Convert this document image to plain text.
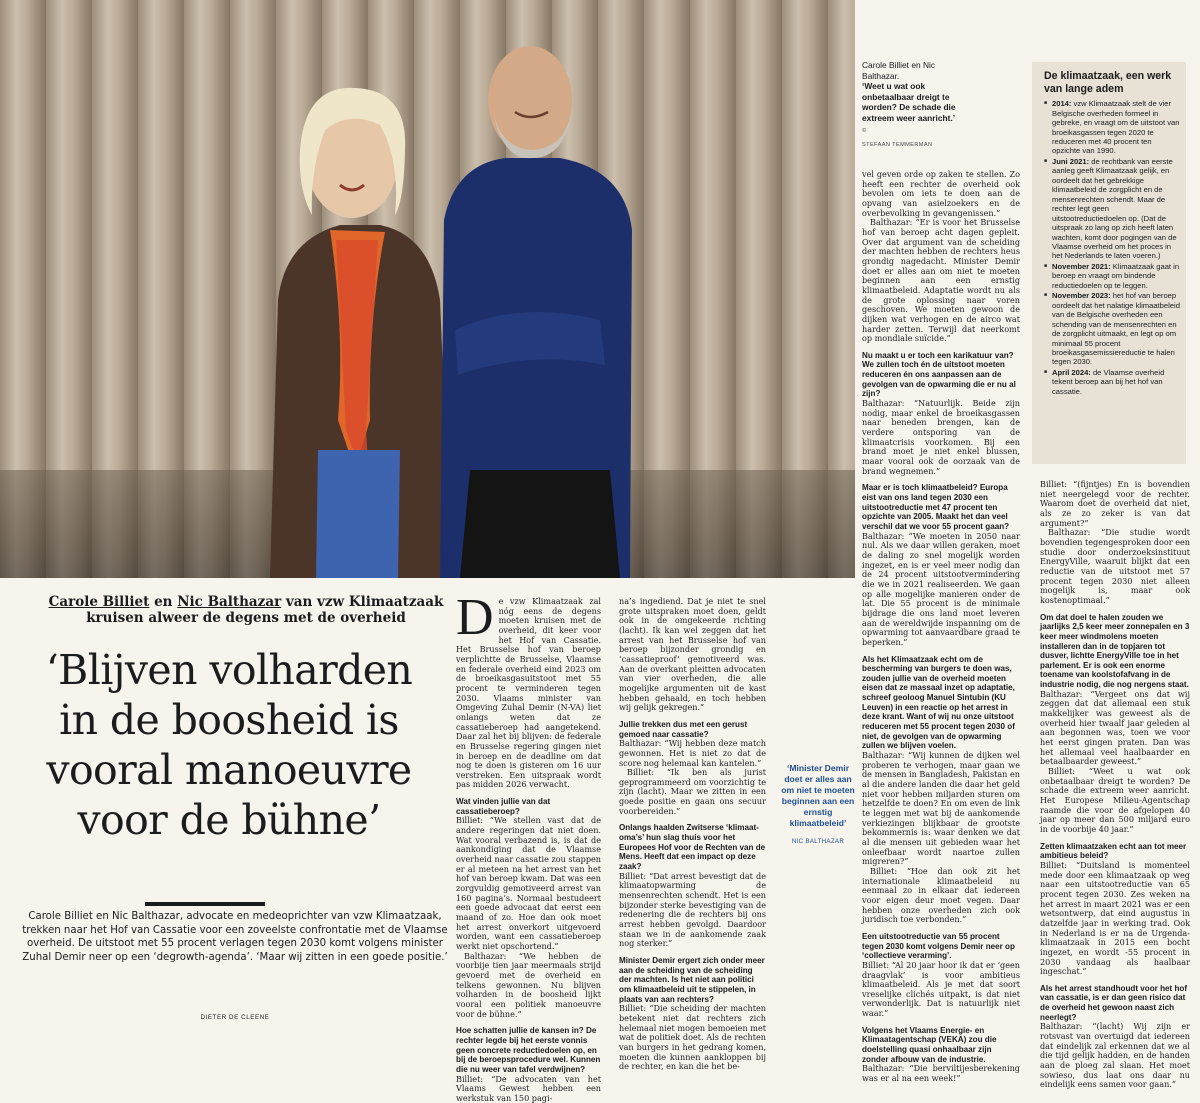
Carole Billiet en Nic Balthazar.
‘Weet u wat ook onbetaalbaar dreigt te worden? De schade die extreem weer aanricht.’
©
STEFAAN TEMMERMAN
De klimaatzaak, een werk van lange adem
■ 2014: vzw Klimaatzaak stelt de vier Belgische overheden formeel in gebreke, en vraagt om de uitstoot van broeikasgassen tegen 2020 te reduceren met 40 procent ten opzichte van 1990.
■ Juni 2021: de rechtbank van eerste aanleg geeft Klimaatzaak gelijk, en oordeelt dat het gebrekkige klimaatbeleid de zorgplicht en de mensenrechten schendt. Maar de rechter legt geen uitstootreductiedoelen op. (Dat de uitspraak zo lang op zich heeft laten wachten, komt door pogingen van de Vlaamse overheid om het proces in het Nederlands te laten voeren.)
■ November 2021: Klimaatzaak gaat in beroep en vraagt om bindende reductiedoelen op te leggen.
■ November 2023: het hof van beroep oordeelt dat het nalatige klimaatbeleid van de Belgische overheden een schending van de mensenrechten en de zorgplicht uitmaakt, en legt op om minimaal 55 procent broeikasgasemissiereductie te halen tegen 2030.
■ April 2024: de Vlaamse overheid tekent beroep aan bij het hof van cassatie.
Carole Billiet en Nic Balthazar van vzw Klimaatzaak kruisen alweer de degens met de overheid
‘Blijven volharden in de boosheid is vooral manoeuvre voor de bühne’
Carole Billiet en Nic Balthazar, advocate en medeoprichter van vzw Klimaatzaak, trekken naar het Hof van Cassatie voor een zoveelste confrontatie met de Vlaamse overheid. De uitstoot met 55 procent verlagen tegen 2030 komt volgens minister Zuhal Demir neer op een ‘degrowth-agenda’. ‘Maar wij zitten in een goede positie.’
DIETER DE CLEENE

De vzw Klimaatzaak zal nóg eens de degens moeten kruisen met de overheid, dit keer voor het Hof van Cassatie. Het Brusselse hof van beroep verplichtte de Brusselse, Vlaamse en federale overheid eind 2023 om de broeikasgasuitstoot met 55 procent te verminderen tegen 2030. Vlaams minister van Omgeving Zuhal Demir (N-VA) liet onlangs weten dat ze cassatieberoep had aangetekend. Daar zal het bij blijven: de federale en Brusselse regering gingen niet in beroep en de deadline om dat nog te doen is gisteren om 16 uur verstreken. Een uitspraak wordt pas midden 2026 verwacht.

Wat vinden jullie van dat cassatieberoep?

Billiet: “We stellen vast dat de andere regeringen dat niet doen. Wat vooral verbazend is, is dat de aankondiging dat de Vlaamse overheid naar cassatie zou stappen er al meteen na het arrest van het hof van beroep kwam. Dat was een zorgvuldig gemotiveerd arrest van 160 pagina’s. Normaal bestudeert een goede advocaat dat eerst een maand of zo. Hoe dan ook moet het arrest onverkort uitgevoerd worden, want een cassatieberoep werkt niet opschortend.”

Balthazar: “We hebben de voorbije tien jaar meermaals strijd gevoerd met de overheid en telkens gewonnen. Nu blijven volharden in de boosheid lijkt vooral een politiek manoeuvre voor de bühne.”

Hoe schatten jullie de kansen in? De rechter legde bij het eerste vonnis geen concrete reductiedoelen op, en bij de beroepsprocedure wel. Kunnen die nu weer van tafel verdwijnen?

Billiet: “De advocaten van het Vlaams Gewest hebben een werkstuk van 150 pagi-

na’s ingediend. Dat je niet te snel grote uitspraken moet doen, geldt ook in de omgekeerde richting (lacht). Ik kan wel zeggen dat het arrest van het Brusselse hof van beroep bijzonder grondig en ‘cassatieproof’ gemotiveerd was. Aan de overkant pleitten advocaten van vier overheden, die alle mogelijke argumenten uit de kast hebben gehaald, en toch hebben wij gelijk gekregen.”

Jullie trekken dus met een gerust gemoed naar cassatie?

Balthazar: “Wij hebben deze match gewonnen. Het is niet zo dat de score nog helemaal kan kantelen.”

Billiet: “Ik ben als jurist geprogrammeerd om voorzichtig te zijn (lacht). Maar we zitten in een goede positie en gaan ons secuur voorbereiden.”

Onlangs haalden Zwitserse ‘klimaat-oma’s’ hun slag thuis voor het Europees Hof voor de Rechten van de Mens. Heeft dat een impact op deze zaak?

Billiet: “Dat arrest bevestigt dat de klimaatopwarming de mensenrechten schendt. Het is een bijzonder sterke bevestiging van de redenering die de rechters bij ons arrest hebben gevolgd. Daardoor staan we in de aankomende zaak nog sterker.”

Minister Demir ergert zich onder meer aan de scheiding van de scheiding der machten. Is het niet aan politici om klimaatbeleid uit te stippelen, in plaats van aan rechters?

Billiet: “Die scheiding der machten betekent niet dat rechters zich helemaal niet mogen bemoeien met wat de politiek doet. Als de rechten van burgers in het gedrang komen, moeten die kunnen aankloppen bij de rechter, en kan die het be-

‘Minister Demir doet er alles aan om niet te moeten beginnen aan een ernstig klimaatbeleid’
NIC BALTHAZAR

vel geven orde op zaken te stellen. Zo heeft een rechter de overheid ook bevolen om iets te doen aan de opvang van asielzoekers en de overbevolking in gevangenissen.”

Balthazar: “Er is voor het Brusselse hof van beroep acht dagen gepleit. Over dat argument van de scheiding der machten hebben de rechters heus grondig nagedacht. Minister Demir doet er alles aan om niet te moeten beginnen aan een ernstig klimaatbeleid. Adaptatie wordt nu als de grote oplossing naar voren geschoven. We moeten gewoon de dijken wat verhogen en de airco wat harder zetten. Terwijl dat neerkomt op mondiale suïcide.”

Nu maakt u er toch een karikatuur van? We zullen toch én de uitstoot moeten reduceren én ons aanpassen aan de gevolgen van de opwarming die er nu al zijn?

Balthazar: “Natuurlijk. Beide zijn nodig, maar enkel de broeikasgassen naar beneden brengen, kan de verdere ontsporing van de klimaatcrisis voorkomen. Bij een brand moet je niet enkel blussen, maar vooral ook de oorzaak van de brand wegnemen.”

Maar er is toch klimaatbeleid? Europa eist van ons land tegen 2030 een uitstootreductie met 47 procent ten opzichte van 2005. Maakt het dan veel verschil dat we voor 55 procent gaan?

Balthazar: “We moeten in 2050 naar nul. Als we daar willen geraken, moet de daling zo snel mogelijk worden ingezet, en is er veel meer nodig dan de 24 procent uitstootvermindering die we in 2021 realiseerden. We gaan op alle mogelijke manieren onder de lat. Die 55 procent is de minimale bijdrage die ons land moet leveren aan de wereldwijde inspanning om de opwarming tot aanvaardbare graad te beperken.”

Als het Klimaatzaak echt om de bescherming van burgers te doen was, zouden jullie van de overheid moeten eisen dat ze massaal inzet op adaptatie, schreef geoloog Manuel Sintubin (KU Leuven) in een reactie op het arrest in deze krant. Want of wij nu onze uitstoot reduceren met 55 procent tegen 2030 of niet, de gevolgen van de opwarming zullen we blijven voelen.

Balthazar: “Wij kunnen de dijken wel proberen te verhogen, maar gaan we de mensen in Bangladesh, Pakistan en al die andere landen die daar het geld niet voor hebben miljarden sturen om hetzelfde te doen? En om even de link te leggen met wat bij de aankomende verkiezingen blijkbaar de grootste bekommernis is: waar denken we dat al die mensen uit gebieden waar het onleefbaar wordt naartoe zullen migreren?”

Billiet: “Hoe dan ook zit het internationale klimaatbeleid nu eenmaal zo in elkaar dat iedereen voor eigen deur moet vegen. Daar hebben onze overheden zich ook juridisch toe verbonden.”

Een uitstootreductie van 55 procent tegen 2030 komt volgens Demir neer op ‘collectieve verarming’.

Billiet: “Al 20 jaar hoor ik dat er ‘geen draagvlak’ is voor ambitieus klimaatbeleid. Als je met dat soort vreselijke clichés uitpakt, is dat niet verwonderlijk. Dat is natuurlijk niet waar.”

Volgens het Vlaams Energie- en Klimaatagentschap (VEKA) zou die doelstelling quasi onhaalbaar zijn zonder afbouw van de industrie.

Balthazar: “Die berviltijesberekening was er al na een week!”

Billiet: “(fijntjes) En is bovendien niet neergelegd voor de rechter. Waarom doet de overheid dat niet, als ze zo zeker is van dat argument?”

Balthazar: “Die studie wordt bovendien tegengesproken door een studie door onderzoeksinstituut EnergyVille, waaruit blijkt dat een reductie van de uitstoot met 57 procent tegen 2030 niet alleen mogelijk is, maar ook kostenoptimaal.”

Om dat doel te halen zouden we jaarlijks 2,5 keer meer zonnepalen en 3 keer meer windmolens moeten installeren dan in de topjaren tot dusver, lichtte EnergyVille toe in het parlement. Er is ook een enorme toename van koolstofafvang in de industrie nodig, die nog nergens staat.

Balthazar: “Vergeet ons dat wij zeggen dat dat allemaal een stuk makkelijker was geweest als de overheid hier twaalf jaar geleden al aan begonnen was, toen we voor het eerst gingen praten. Dan was het allemaal veel haalbaarder en betaalbaarder geweest.”

Billiet: “Weet u wat ook onbetaalbaar dreigt te worden? De schade die extreem weer aanricht. Het Europese Milieu-Agentschap raamde die voor de afgelopen 40 jaar op meer dan 500 miljard euro in de voorbije 40 jaar.”

Zetten klimaatzaken echt aan tot meer ambitieus beleid?

Billiet: “Duitsland is momenteel mede door een klimaatzaak op weg naar een uitstootreductie van 65 procent tegen 2030. Zes weken na het arrest in maart 2021 was er een wetsontwerp, dat eind augustus in datzelfde jaar in werking trad. Ook in Nederland is er na de Urgenda-klimaatzaak in 2015 een bocht ingezet, en wordt -55 procent in 2030 vandaag als haalbaar ingeschat.”

Als het arrest standhoudt voor het hof van cassatie, is er dan geen risico dat de overheid het gewoon naast zich neerlegt?

Balthazar: “(lacht) Wij zijn er rotsvast van overtuigd dat iedereen dat eindelijk zal erkennen dat we al die tijd gelijk hadden, en de handen aan de ploeg zal slaan. Het moet sowieso, dus laat ons daar nu eindelijk eens samen voor gaan.”
